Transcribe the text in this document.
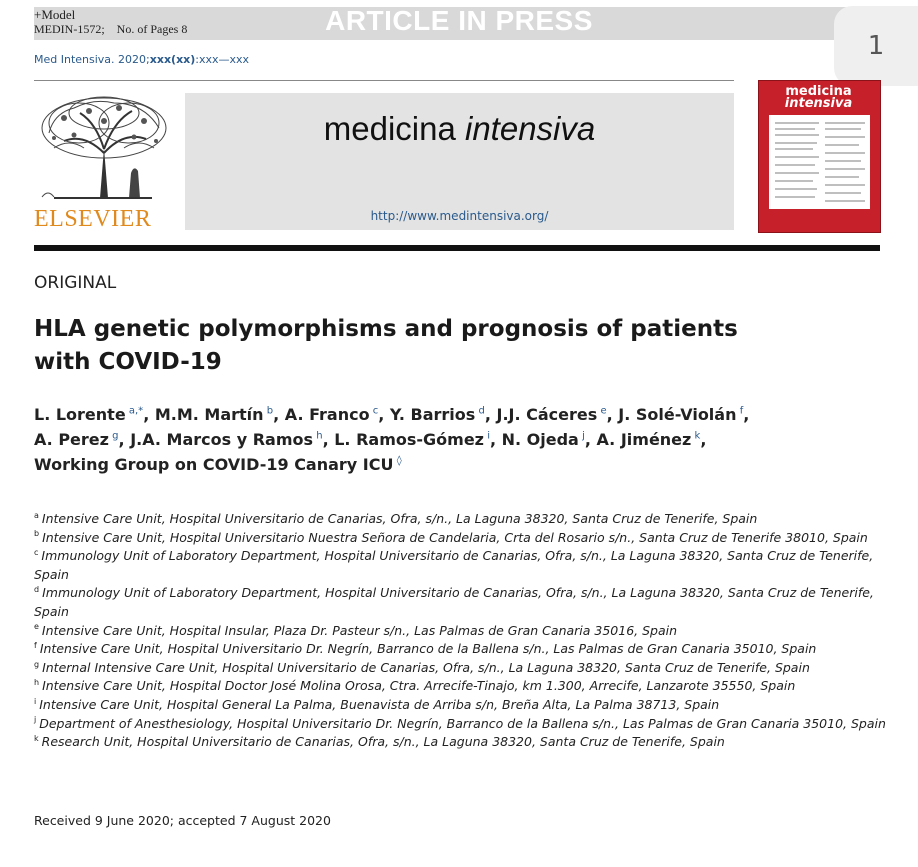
+Model
MEDIN-1572; No. of Pages 8	ARTICLE IN PRESS
1
Med Intensiva. 2020;xxx(xx):xxx—xxx
ELSEVIER
medicina intensiva
http://www.medintensiva.org/
medicina
intensiva
ORIGINAL
HLA genetic polymorphisms and prognosis of patients with COVID-19
L. Lorente  $^{a,*}$, M.M. Martín  $^b$, A. Franco  $^c$, Y. Barrios  $^d$, J.J. Cáceres  $^e$, J. Solé-Violán  $^f$,
A. Perez  $^g$, J.A. Marcos y Ramos  $^h$, L. Ramos-Gómez  $^i$, N. Ojeda  $^j$, A. Jiménez  $^k$,
Working Group on COVID-19 Canary ICU  ◊
$^a$ Intensive Care Unit, Hospital Universitario de Canarias, Ofra, s/n., La Laguna 38320, Santa Cruz de Tenerife, Spain
$^b$ Intensive Care Unit, Hospital Universitario Nuestra Señora de Candelaria, Crta del Rosario s/n., Santa Cruz de Tenerife 38010, Spain
$^c$ Immunology Unit of Laboratory Department, Hospital Universitario de Canarias, Ofra, s/n., La Laguna 38320, Santa Cruz de Tenerife, Spain
$^d$ Immunology Unit of Laboratory Department, Hospital Universitario de Canarias, Ofra, s/n., La Laguna 38320, Santa Cruz de Tenerife, Spain
$^e$ Intensive Care Unit, Hospital Insular, Plaza Dr. Pasteur s/n., Las Palmas de Gran Canaria 35016, Spain
$^f$ Intensive Care Unit, Hospital Universitario Dr. Negrín, Barranco de la Ballena s/n., Las Palmas de Gran Canaria 35010, Spain
$^g$ Internal Intensive Care Unit, Hospital Universitario de Canarias, Ofra, s/n., La Laguna 38320, Santa Cruz de Tenerife, Spain
$^h$ Intensive Care Unit, Hospital Doctor José Molina Orosa, Ctra. Arrecife-Tinajo, km 1.300, Arrecife, Lanzarote 35550, Spain
$^i$ Intensive Care Unit, Hospital General La Palma, Buenavista de Arriba s/n, Breña Alta, La Palma 38713, Spain
$^j$ Department of Anesthesiology, Hospital Universitario Dr. Negrín, Barranco de la Ballena s/n., Las Palmas de Gran Canaria 35010, Spain
$^k$ Research Unit, Hospital Universitario de Canarias, Ofra, s/n., La Laguna 38320, Santa Cruz de Tenerife, Spain
Received 9 June 2020; accepted 7 August 2020
